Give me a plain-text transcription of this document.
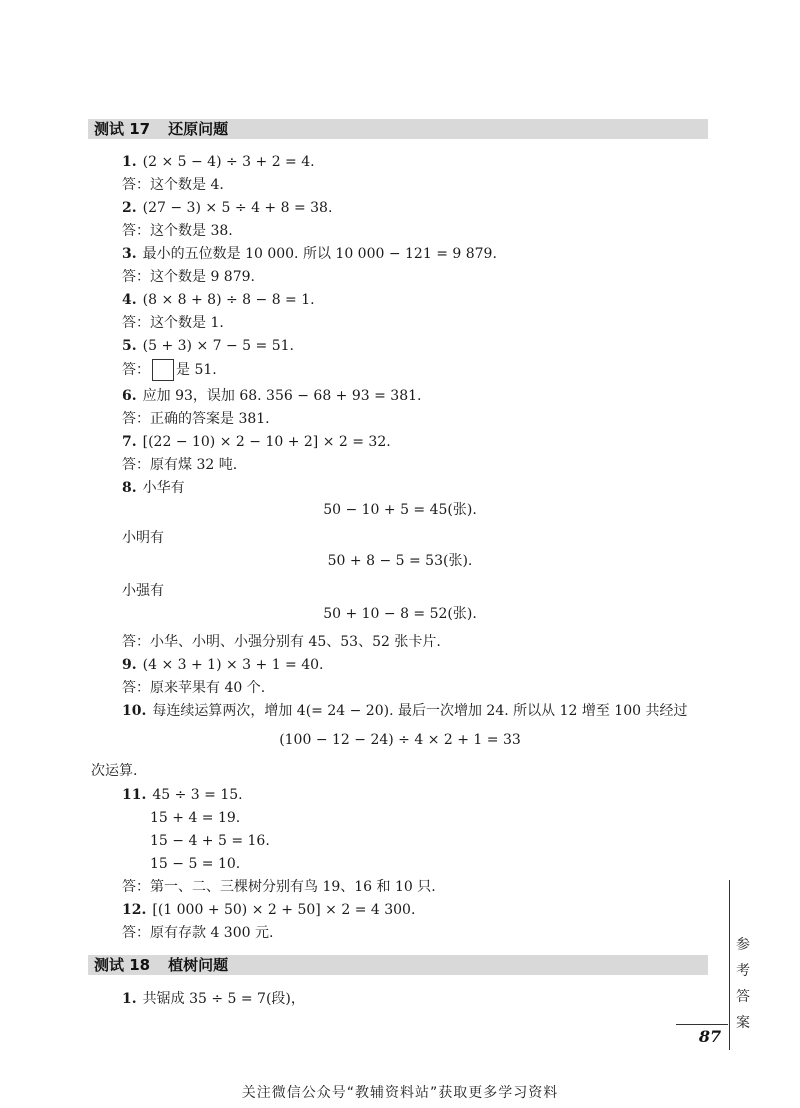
测试 17 还原问题
1. (2 × 5 − 4) ÷ 3 + 2 = 4.
答：这个数是 4.
2. (27 − 3) × 5 ÷ 4 + 8 = 38.
答：这个数是 38.
3. 最小的五位数是 10 000. 所以 10 000 − 121 = 9 879.
答：这个数是 9 879.
4. (8 × 8 + 8) ÷ 8 − 8 = 1.
答：这个数是 1.
5. (5 + 3) × 7 − 5 = 51.
答： 是 51.
6. 应加 93，误加 68. 356 − 68 + 93 = 381.
答：正确的答案是 381.
7. [(22 − 10) × 2 − 10 + 2] × 2 = 32.
答：原有煤 32 吨.
8. 小华有
50 − 10 + 5 = 45(张).
小明有
50 + 8 − 5 = 53(张).
小强有
50 + 10 − 8 = 52(张).
答：小华、小明、小强分别有 45、53、52 张卡片.
9. (4 × 3 + 1) × 3 + 1 = 40.
答：原来苹果有 40 个.
10. 每连续运算两次，增加 4(= 24 − 20). 最后一次增加 24. 所以从 12 增至 100 共经过
(100 − 12 − 24) ÷ 4 × 2 + 1 = 33
次运算.
11. 45 ÷ 3 = 15.
15 + 4 = 19.
15 − 4 + 5 = 16.
15 − 5 = 10.
答：第一、二、三棵树分别有鸟 19、16 和 10 只.
12. [(1 000 + 50) × 2 + 50] × 2 = 4 300.
答：原有存款 4 300 元.
测试 18 植树问题
1. 共锯成 35 ÷ 5 = 7(段)，
参
考
答
案
87
关注微信公众号“教辅资料站”获取更多学习资料
